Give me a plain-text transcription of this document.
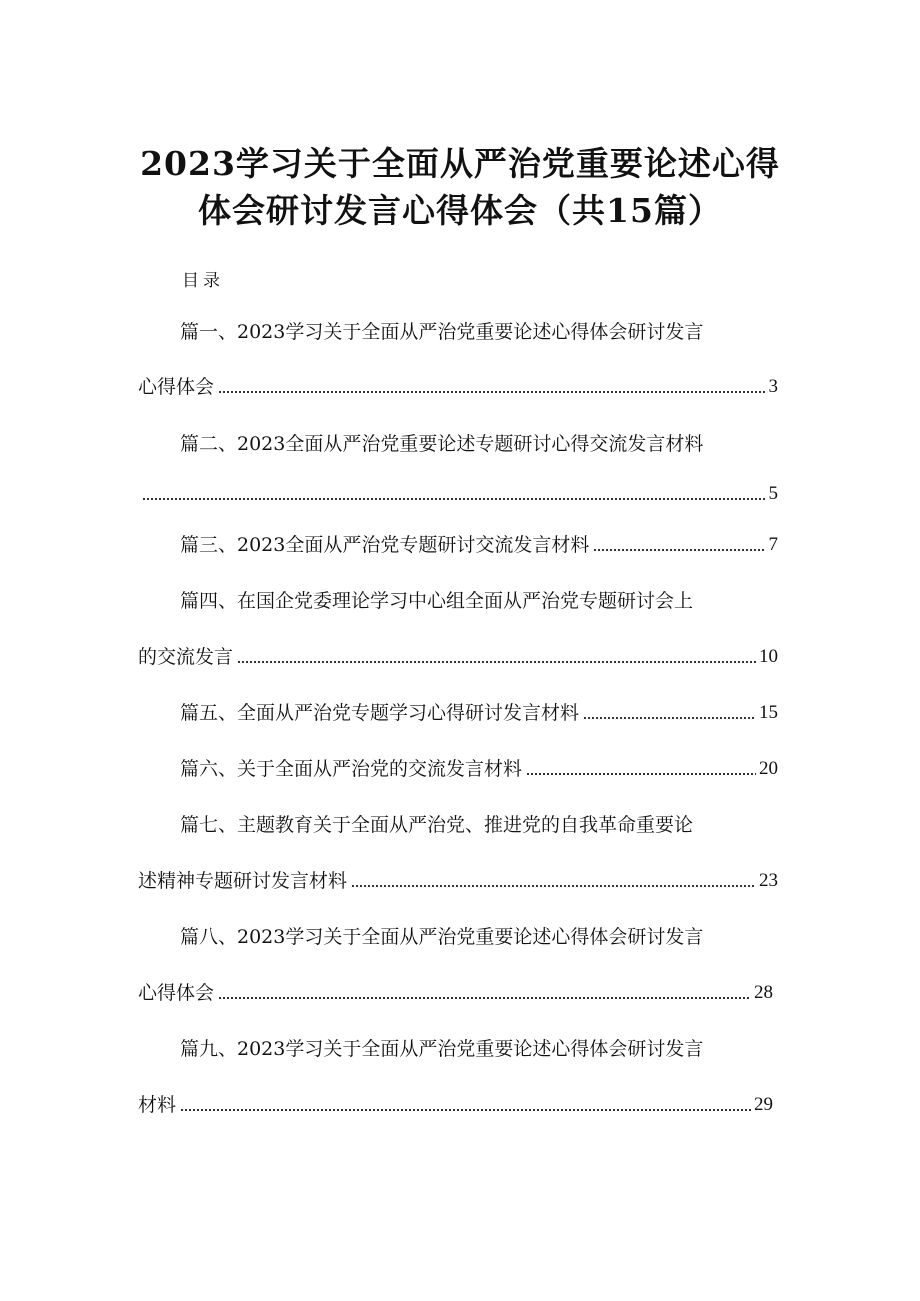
2023学习关于全面从严治党重要论述心得
体会研讨发言心得体会（共15篇）
目录
篇一、2023学习关于全面从严治党重要论述心得体会研讨发言
心得体会	3
篇二、2023全面从严治党重要论述专题研讨心得交流发言材料
5
篇三、2023全面从严治党专题研讨交流发言材料	7
篇四、在国企党委理论学习中心组全面从严治党专题研讨会上
的交流发言	10
篇五、全面从严治党专题学习心得研讨发言材料	15
篇六、关于全面从严治党的交流发言材料	20
篇七、主题教育关于全面从严治党、推进党的自我革命重要论
述精神专题研讨发言材料	23
篇八、2023学习关于全面从严治党重要论述心得体会研讨发言
心得体会	28
篇九、2023学习关于全面从严治党重要论述心得体会研讨发言
材料	29
